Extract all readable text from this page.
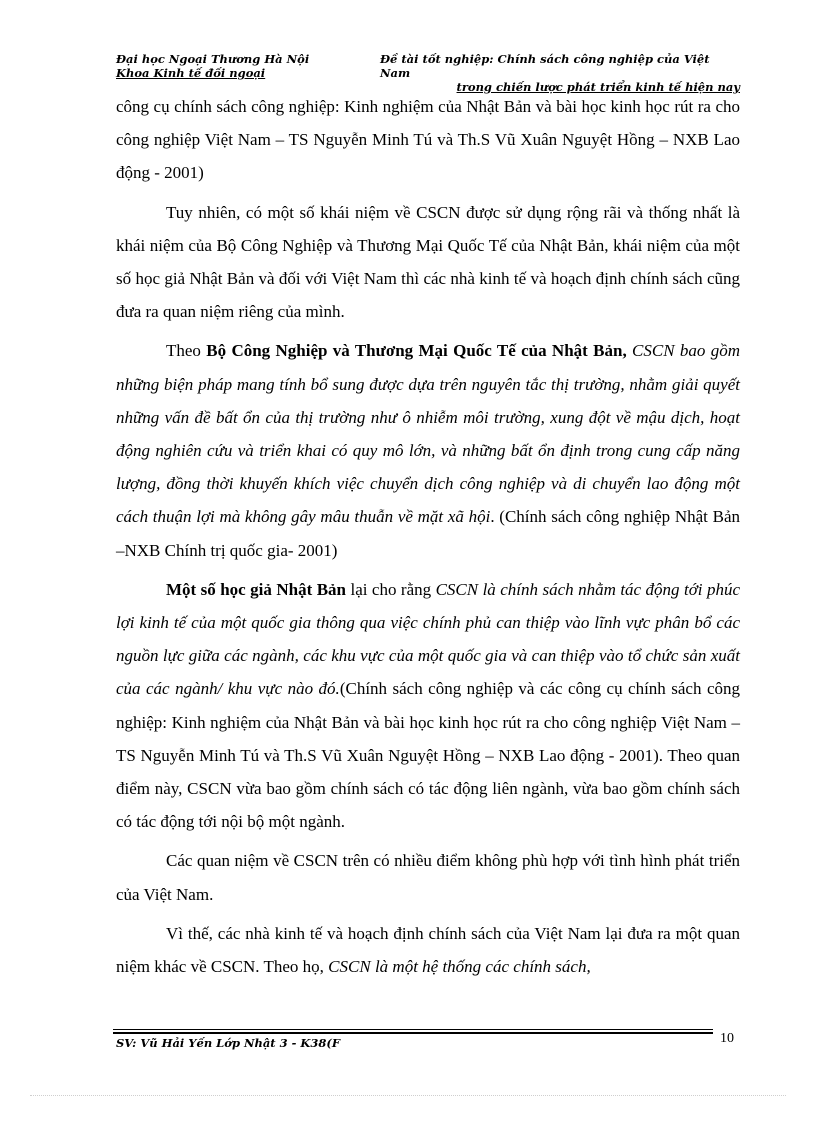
Đại học Ngoại Thương Hà Nội
Khoa Kinh tế đối ngoại
Đề tài tốt nghiệp: Chính sách công nghiệp của Việt Nam
trong chiến lược phát triển kinh tế hiện nay

công cụ chính sách công nghiệp: Kinh nghiệm của Nhật Bản và bài học kinh học rút ra cho công nghiệp Việt Nam – TS Nguyễn Minh Tú và Th.S Vũ Xuân Nguyệt Hồng – NXB Lao động - 2001)

Tuy nhiên, có một số khái niệm về CSCN được sử dụng rộng rãi và thống nhất là khái niệm của Bộ Công Nghiệp và Thương Mại Quốc Tế của Nhật Bản, khái niệm của một số học giả Nhật Bản và đối với Việt Nam thì các nhà kinh tế và hoạch định chính sách cũng đưa ra quan niệm riêng của mình.

Theo Bộ Công Nghiệp và Thương Mại Quốc Tế của Nhật Bản, CSCN bao gồm những biện pháp mang tính bổ sung được dựa trên nguyên tắc thị trường, nhằm giải quyết những vấn đề bất ổn của thị trường như ô nhiễm môi trường, xung đột về mậu dịch, hoạt động nghiên cứu và triển khai có quy mô lớn, và những bất ổn định trong cung cấp năng lượng, đồng thời khuyến khích việc chuyển dịch công nghiệp và di chuyển lao động một cách thuận lợi mà không gây mâu thuẫn về mặt xã hội. (Chính sách công nghiệp Nhật Bản –NXB Chính trị quốc gia- 2001)

Một số học giả Nhật Bản lại cho rằng CSCN là chính sách nhằm tác động tới phúc lợi kinh tế của một quốc gia thông qua việc chính phủ can thiệp vào lĩnh vực phân bổ các nguồn lực giữa các ngành, các khu vực của một quốc gia và can thiệp vào tổ chức sản xuất của các ngành/ khu vực nào đó.(Chính sách công nghiệp và các công cụ chính sách công nghiệp: Kinh nghiệm của Nhật Bản và bài học kinh học rút ra cho công nghiệp Việt Nam – TS Nguyễn Minh Tú và Th.S Vũ Xuân Nguyệt Hồng – NXB Lao động - 2001). Theo quan điểm này, CSCN vừa bao gồm chính sách có tác động liên ngành, vừa bao gồm chính sách có tác động tới nội bộ một ngành.

Các quan niệm về CSCN trên có nhiều điểm không phù hợp với tình hình phát triển của Việt Nam.

Vì thế, các nhà kinh tế và hoạch định chính sách của Việt Nam lại đưa ra một quan niệm khác về CSCN. Theo họ, CSCN là một hệ thống các chính sách,

SV: Vũ Hải Yến Lớp Nhật 3 - K38(F	10
